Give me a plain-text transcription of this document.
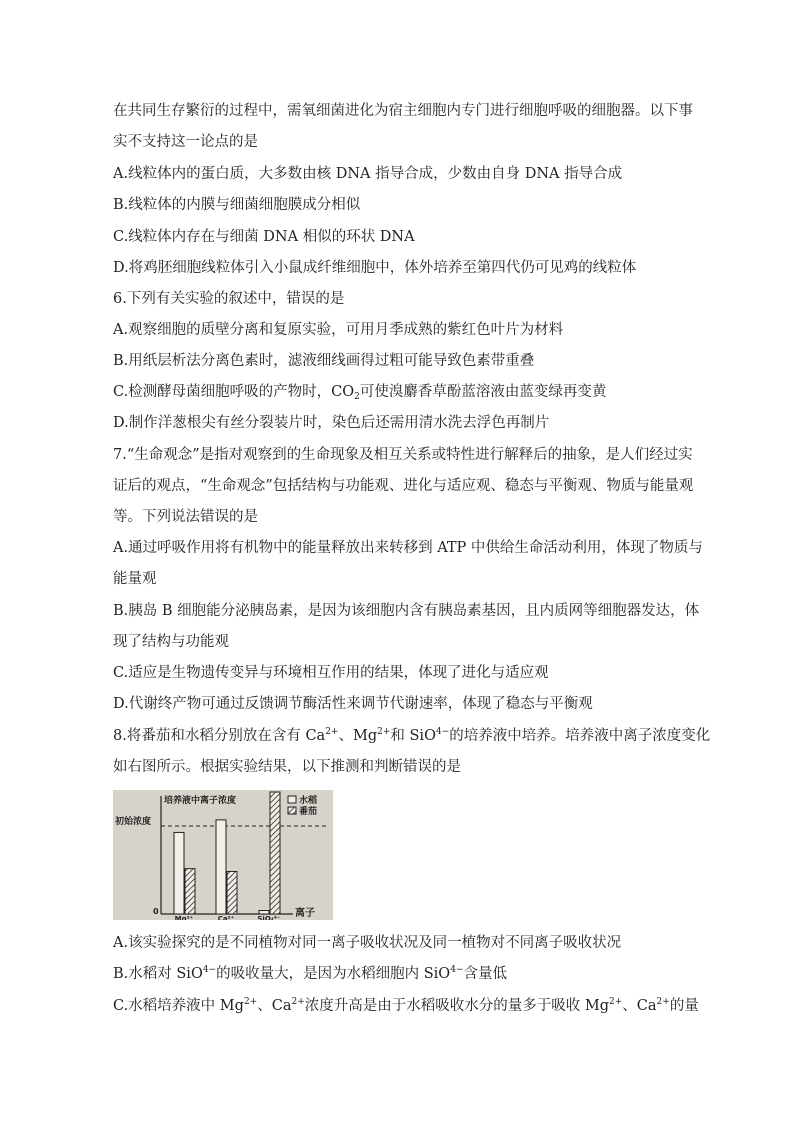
在共同生存繁衍的过程中，需氧细菌进化为宿主细胞内专门进行细胞呼吸的细胞器。以下事
实不支持这一论点的是
A.线粒体内的蛋白质，大多数由核 DNA 指导合成，少数由自身 DNA 指导合成
B.线粒体的内膜与细菌细胞膜成分相似
C.线粒体内存在与细菌 DNA 相似的环状 DNA
D.将鸡胚细胞线粒体引入小鼠成纤维细胞中，体外培养至第四代仍可见鸡的线粒体
6.下列有关实验的叙述中，错误的是
A.观察细胞的质壁分离和复原实验，可用月季成熟的紫红色叶片为材料
B.用纸层析法分离色素时，滤液细线画得过粗可能导致色素带重叠
C.检测酵母菌细胞呼吸的产物时，$CO_2$可使溴麝香草酚蓝溶液由蓝变绿再变黄
D.制作洋葱根尖有丝分裂装片时，染色后还需用清水洗去浮色再制片
7.“生命观念”是指对观察到的生命现象及相互关系或特性进行解释后的抽象，是人们经过实
证后的观点，“生命观念”包括结构与功能观、进化与适应观、稳态与平衡观、物质与能量观
等。下列说法错误的是
A.通过呼吸作用将有机物中的能量释放出来转移到 ATP 中供给生命活动利用，体现了物质与
能量观
B.胰岛 B 细胞能分泌胰岛素，是因为该细胞内含有胰岛素基因，且内质网等细胞器发达，体
现了结构与功能观
C.适应是生物遗传变异与环境相互作用的结果，体现了进化与适应观
D.代谢终产物可通过反馈调节酶活性来调节代谢速率，体现了稳态与平衡观
8.将番茄和水稻分别放在含有 $Ca^{2+}$、$Mg^{2+}$和 SiO$^{4-}$的培养液中培养。培养液中离子浓度变化
如右图所示。根据实验结果，以下推测和判断错误的是
A.该实验探究的是不同植物对同一离子吸收状况及同一植物对不同离子吸收状况
B.水稻对 SiO$^{4-}$的吸收量大，是因为水稻细胞内 SiO$^{4-}$含量低
C.水稻培养液中 $Mg^{2+}$、$Ca^{2+}$浓度升高是由于水稻吸收水分的量多于吸收 $Mg^{2+}$、$Ca^{2+}$的量
培养液中离子浓度
初始浓度
0	离子
水稻
番茄
Mg²⁺	Ca²⁺	SiO₄⁴⁻
